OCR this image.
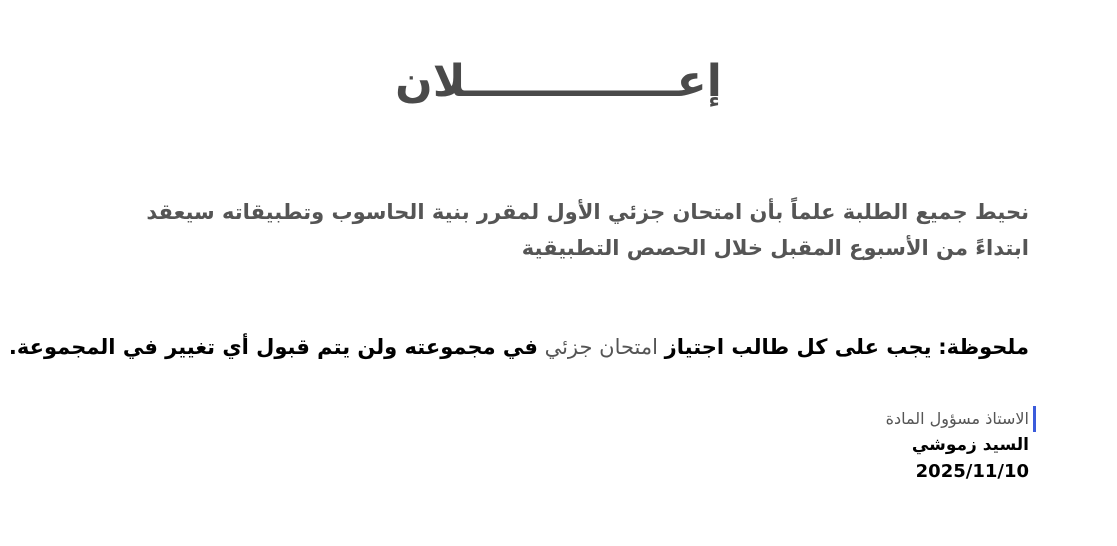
إعــــــــــــــلان
نحيط جميع الطلبة علماً بأن امتحان جزئي الأول لمقرر بنية الحاسوب وتطبيقاته سيعقد ابتداءً من الأسبوع المقبل خلال الحصص التطبيقية
ملحوظة: يجب على كل طالب اجتياز امتحان جزئي في مجموعته ولن يتم قبول أي تغيير في المجموعة.
الاستاذ مسؤول المادة
السيد زموشي
2025/11/10
